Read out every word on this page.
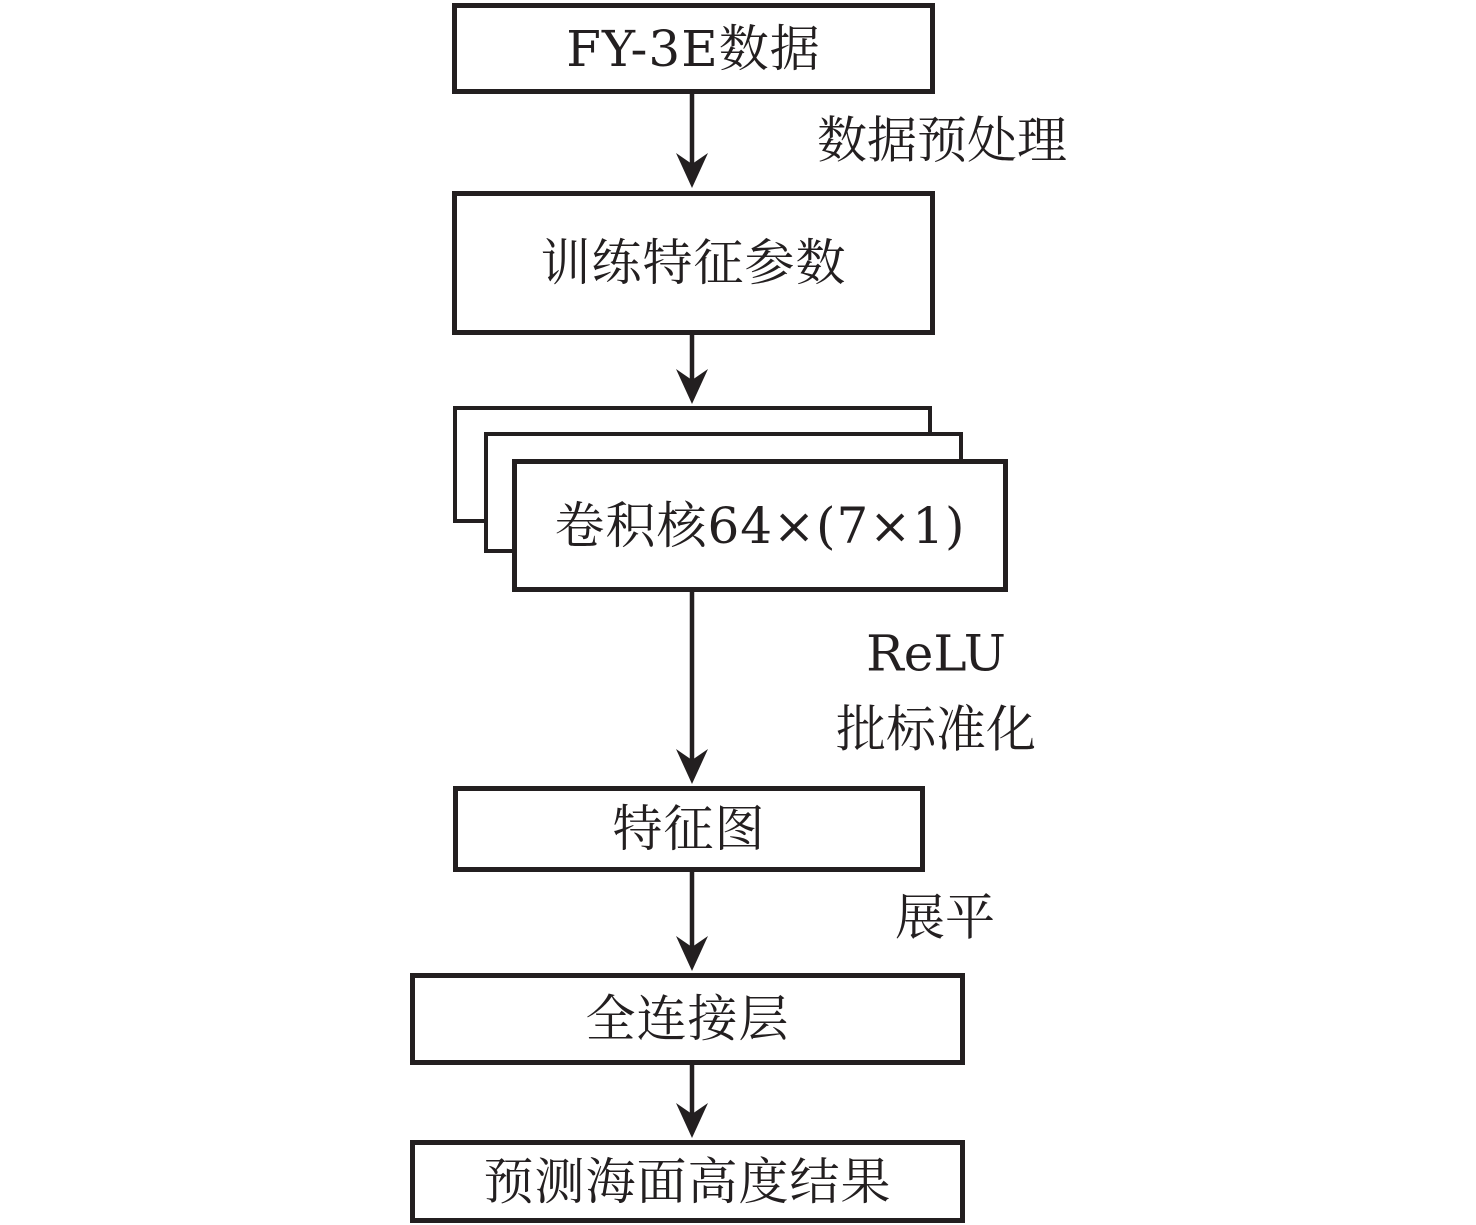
FY-3E数据
训练特征参数
卷积核64×(7×1)
特征图
全连接层
预测海面高度结果
数据预处理
ReLU
批标准化
展平
